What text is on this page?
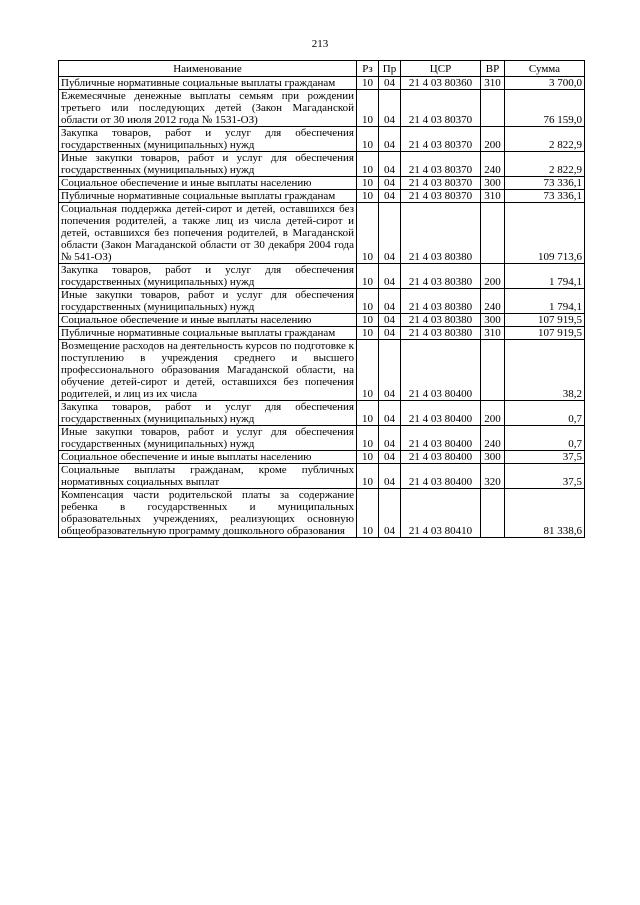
213
Наименование	Рз	Пр	ЦСР	ВР	Сумма
Публичные нормативные социальные выплаты гражданам	10	04	21 4 03 80360	310	3 700,0
Ежемесячные денежные выплаты семьям при рождении третьего или последующих детей (Закон Магаданской области от 30 июля 2012 года № 1531-ОЗ)	10	04	21 4 03 80370		76 159,0
Закупка товаров, работ и услуг для обеспечения государственных (муниципальных) нужд	10	04	21 4 03 80370	200	2 822,9
Иные закупки товаров, работ и услуг для обеспечения государственных (муниципальных) нужд	10	04	21 4 03 80370	240	2 822,9
Социальное обеспечение и иные выплаты населению	10	04	21 4 03 80370	300	73 336,1
Публичные нормативные социальные выплаты гражданам	10	04	21 4 03 80370	310	73 336,1
Социальная поддержка детей-сирот и детей, оставшихся без попечения родителей, а также лиц из числа детей-сирот и детей, оставшихся без попечения родителей, в Магаданской области (Закон Магаданской области от 30 декабря 2004 года № 541-ОЗ)	10	04	21 4 03 80380		109 713,6
Закупка товаров, работ и услуг для обеспечения государственных (муниципальных) нужд	10	04	21 4 03 80380	200	1 794,1
Иные закупки товаров, работ и услуг для обеспечения государственных (муниципальных) нужд	10	04	21 4 03 80380	240	1 794,1
Социальное обеспечение и иные выплаты населению	10	04	21 4 03 80380	300	107 919,5
Публичные нормативные социальные выплаты гражданам	10	04	21 4 03 80380	310	107 919,5
Возмещение расходов на деятельность курсов по подготовке к поступлению в учреждения среднего и высшего профессионального образования Магаданской области, на обучение детей-сирот и детей, оставшихся без попечения родителей, и лиц из их числа	10	04	21 4 03 80400		38,2
Закупка товаров, работ и услуг для обеспечения государственных (муниципальных) нужд	10	04	21 4 03 80400	200	0,7
Иные закупки товаров, работ и услуг для обеспечения государственных (муниципальных) нужд	10	04	21 4 03 80400	240	0,7
Социальное обеспечение и иные выплаты населению	10	04	21 4 03 80400	300	37,5
Социальные выплаты гражданам, кроме публичных нормативных социальных выплат	10	04	21 4 03 80400	320	37,5
Компенсация части родительской платы за содержание ребенка в государственных и муниципальных образовательных учреждениях, реализующих основную общеобразовательную программу дошкольного образования	10	04	21 4 03 80410		81 338,6
